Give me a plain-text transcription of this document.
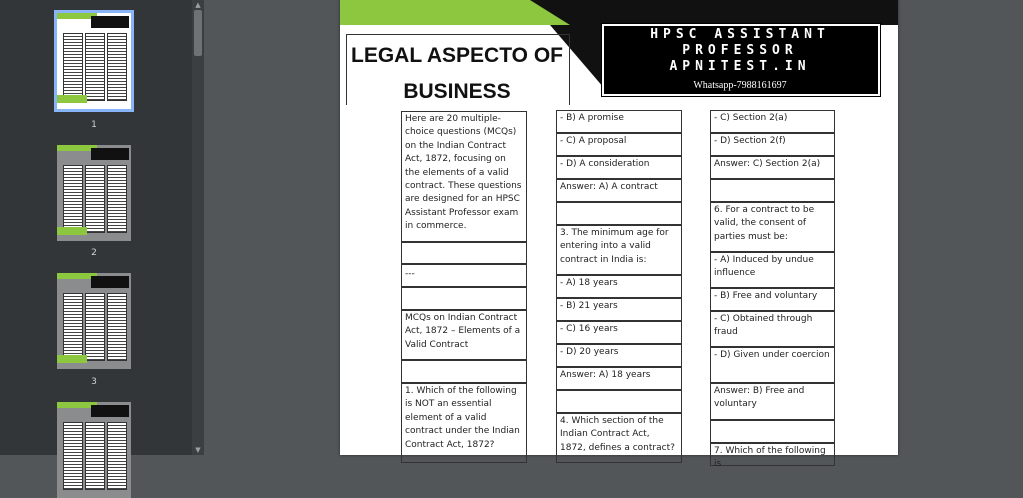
1
2
3
▲
▼
LEGAL ASPECTO OF
BUSINESS
HPSC ASSISTANT
PROFESSOR
APNITEST.IN
Whatsapp-7988161697
Here are 20 multiple-choice questions (MCQs) on the Indian Contract Act, 1872, focusing on the elements of a valid contract. These questions are designed for an HPSC Assistant Professor exam in commerce.
---
MCQs on Indian Contract Act, 1872 – Elements of a Valid Contract
1. Which of the following is NOT an essential element of a valid contract under the Indian Contract Act, 1872?
- B) A promise
- C) A proposal
- D) A consideration
Answer: A) A contract
3. The minimum age for entering into a valid contract in India is:
- A) 18 years
- B) 21 years
- C) 16 years
- D) 20 years
Answer: A) 18 years
4. Which section of the Indian Contract Act, 1872, defines a contract?
- C) Section 2(a)
- D) Section 2(f)
Answer: C) Section 2(a)
6. For a contract to be valid, the consent of parties must be:
- A) Induced by undue influence
- B) Free and voluntary
- C) Obtained through fraud
- D) Given under coercion
Answer: B) Free and voluntary
7. Which of the following is
